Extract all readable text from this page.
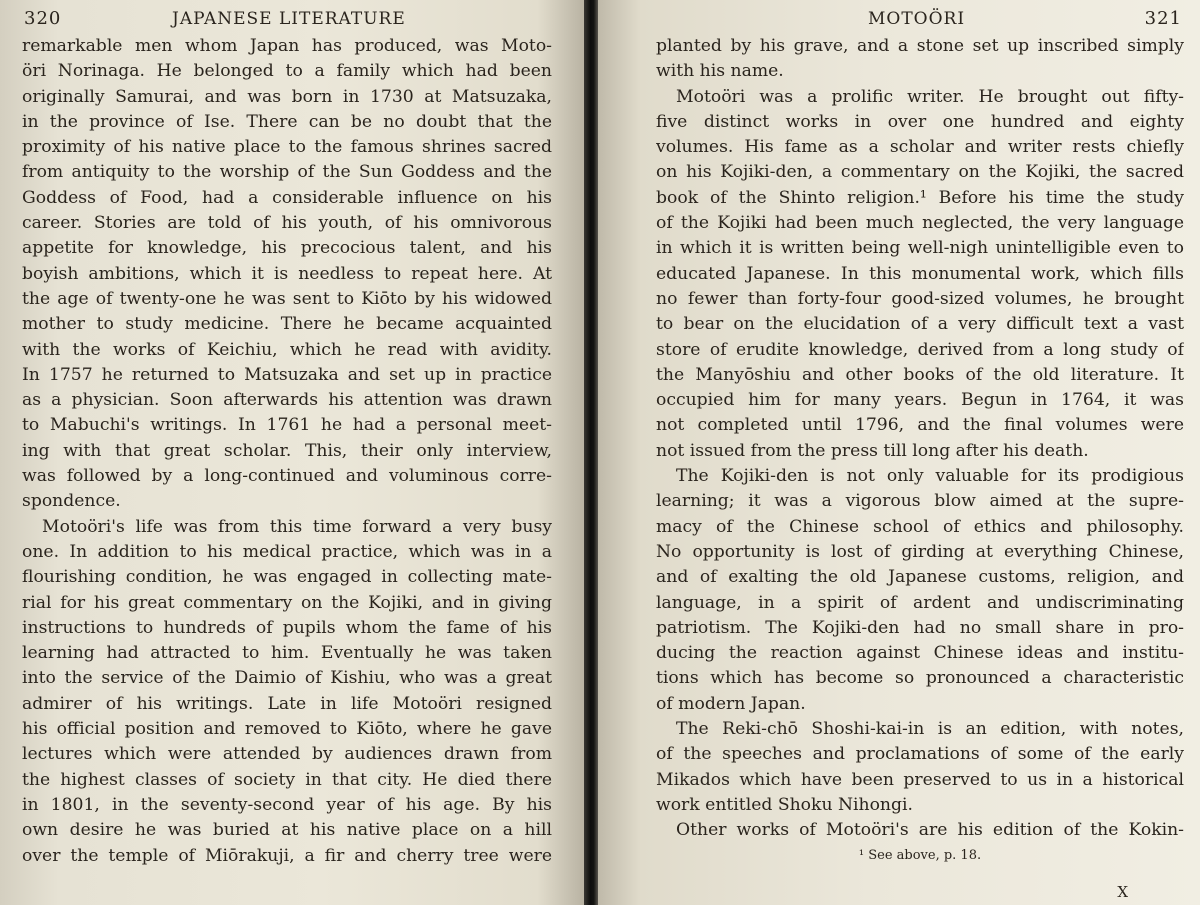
320	JAPANESE LITERATURE
remarkable men whom Japan has produced, was Moto-
öri Norinaga. He belonged to a family which had been
originally Samurai, and was born in 1730 at Matsuzaka,
in the province of Ise. There can be no doubt that the
proximity of his native place to the famous shrines sacred
from antiquity to the worship of the Sun Goddess and the
Goddess of Food, had a considerable influence on his
career. Stories are told of his youth, of his omnivorous
appetite for knowledge, his precocious talent, and his
boyish ambitions, which it is needless to repeat here. At
the age of twenty-one he was sent to Kiōto by his widowed
mother to study medicine. There he became acquainted
with the works of Keichiu, which he read with avidity.
In 1757 he returned to Matsuzaka and set up in practice
as a physician. Soon afterwards his attention was drawn
to Mabuchi's writings. In 1761 he had a personal meet-
ing with that great scholar. This, their only interview,
was followed by a long-continued and voluminous corre-
spondence.
Motoöri's life was from this time forward a very busy
one. In addition to his medical practice, which was in a
flourishing condition, he was engaged in collecting mate-
rial for his great commentary on the Kojiki, and in giving
instructions to hundreds of pupils whom the fame of his
learning had attracted to him. Eventually he was taken
into the service of the Daimio of Kishiu, who was a great
admirer of his writings. Late in life Motoöri resigned
his official position and removed to Kiōto, where he gave
lectures which were attended by audiences drawn from
the highest classes of society in that city. He died there
in 1801, in the seventy-second year of his age. By his
own desire he was buried at his native place on a hill
over the temple of Miōrakuji, a fir and cherry tree were
MOTOÖRI	321
planted by his grave, and a stone set up inscribed simply
with his name.
Motoöri was a prolific writer. He brought out fifty-
five distinct works in over one hundred and eighty
volumes. His fame as a scholar and writer rests chiefly
on his Kojiki-den, a commentary on the Kojiki, the sacred
book of the Shinto religion.¹ Before his time the study
of the Kojiki had been much neglected, the very language
in which it is written being well-nigh unintelligible even to
educated Japanese. In this monumental work, which fills
no fewer than forty-four good-sized volumes, he brought
to bear on the elucidation of a very difficult text a vast
store of erudite knowledge, derived from a long study of
the Manyōshiu and other books of the old literature. It
occupied him for many years. Begun in 1764, it was
not completed until 1796, and the final volumes were
not issued from the press till long after his death.
The Kojiki-den is not only valuable for its prodigious
learning; it was a vigorous blow aimed at the supre-
macy of the Chinese school of ethics and philosophy.
No opportunity is lost of girding at everything Chinese,
and of exalting the old Japanese customs, religion, and
language, in a spirit of ardent and undiscriminating
patriotism. The Kojiki-den had no small share in pro-
ducing the reaction against Chinese ideas and institu-
tions which has become so pronounced a characteristic
of modern Japan.
The Reki-chō Shoshi-kai-in is an edition, with notes,
of the speeches and proclamations of some of the early
Mikados which have been preserved to us in a historical
work entitled Shoku Nihongi.
Other works of Motoöri's are his edition of the Kokin-
¹ See above, p. 18.
X
